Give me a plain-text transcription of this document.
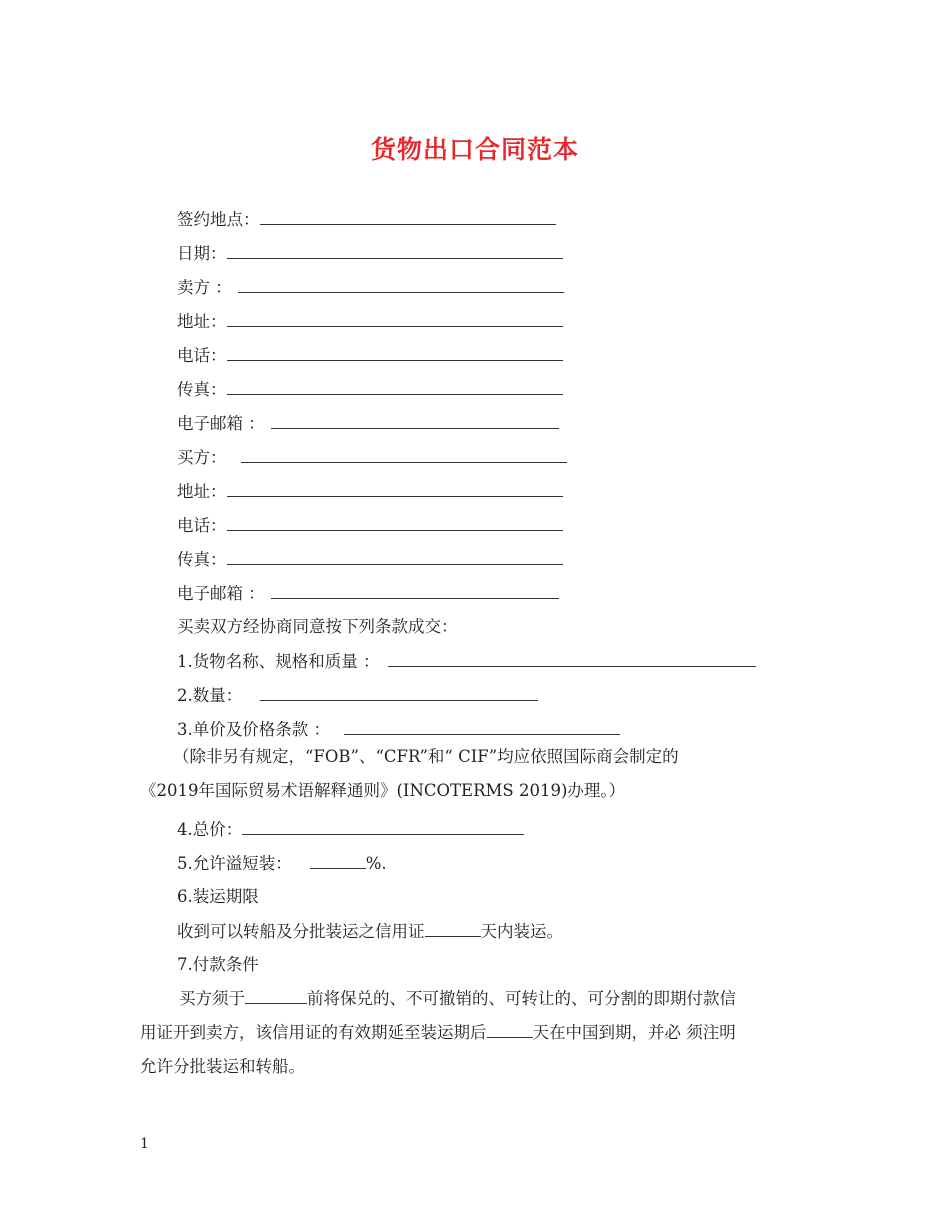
货物出口合同范本
签约地点：
日期：
卖方 ：
地址：
电话：
传真：
电子邮箱 ：
买方：
地址：
电话：
传真：
电子邮箱 ：
买卖双方经协商同意按下列条款成交：
1.货物名称、规格和质量 ：
2.数量：
3.单价及价格条款 ：
（除非另有规定，“FOB”、“CFR”和“ CIF”均应依照国际商会制定的
《2019年国际贸易术语解释通则》(INCOTERMS 2019)办理。）
4.总价：
5.允许溢短装：	%.
6.装运期限
收到可以转船及分批装运之信用证	天内装运。
7.付款条件
买方须于	前将保兑的、不可撤销的、可转让的、可分割的即期付款信
用证开到卖方，该信用证的有效期延至装运期后	天在中国到期，并必 须注明
允许分批装运和转船。
1
